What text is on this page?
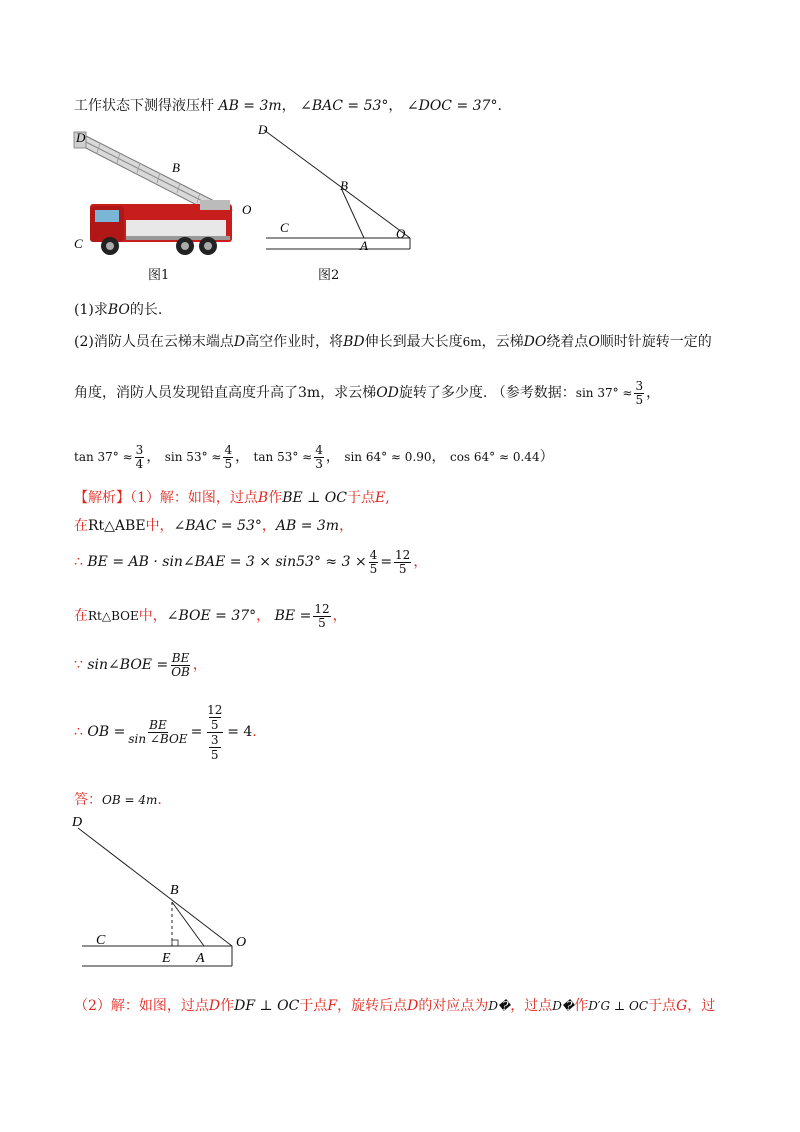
工作状态下测得液压杆 AB = 3m， ∠BAC = 53°， ∠DOC = 37°.
D
B
O
C
图1
D
B
C
A
O
图2
(1)求BO的长.
(2)消防人员在云梯末端点D高空作业时，将BD伸长到最大长度6m，云梯DO绕着点O顺时针旋转一定的
角度，消防人员发现铅直高度升高了3m，求云梯OD旋转了多少度. （参考数据：$\sin 37^\circ \approx \frac{3}{5}$ ，
$\tan 37^\circ \approx \frac{3}{4}$ ， $\sin 53^\circ \approx \frac{4}{5}$ ， $\tan 53^\circ \approx \frac{4}{3}$ ， sin 64° ≈ 0.90， cos 64° ≈ 0.44）
【解析】（1）解：如图，过点B作BE ⊥ OC于点E,
在Rt△ABE中，∠BAC = 53°，AB = 3m，
∴ BE = AB · sin∠BAE = $3 \times \sin 53^\circ \approx 3 \times \frac{4}{5} = \frac{12}{5}$ ，
在Rt△BOE中，∠BOE = 37°， BE = $\frac{12}{5}$ ，
∵ sin∠BOE = $\frac{BE}{OB}$ ，
∴ OB = $\frac{BE}{\text{sin ∠BOE}}$ =
12
5
3
5
= 4.
答：OB = 4m.
D
B
C	O
E A
（2）解：如图，过点D作DF ⊥ OC于点F，旋转后点D的对应点为D�，过点D�作D′G ⊥ OC于点G，过
